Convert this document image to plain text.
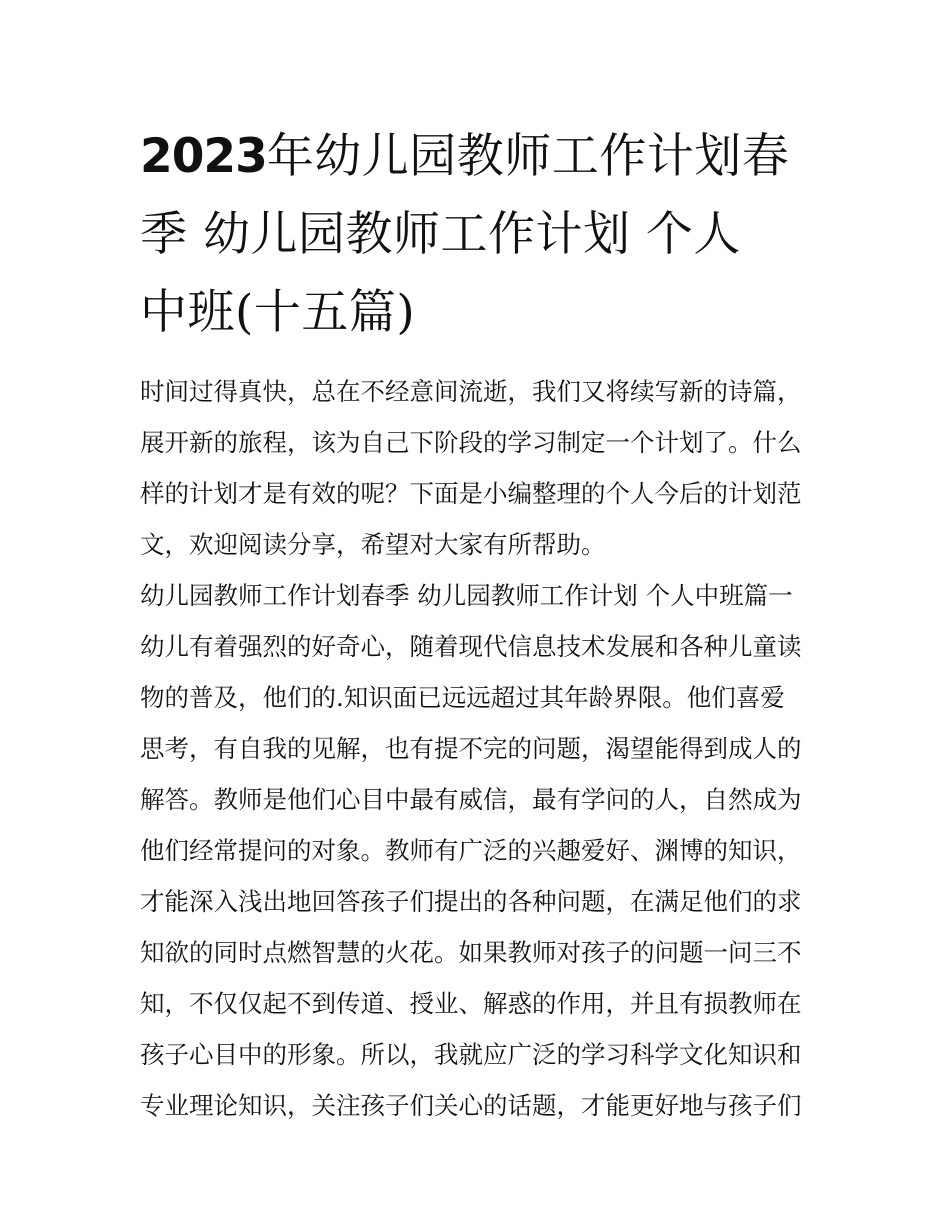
2023年幼儿园教师工作计划春
季 幼儿园教师工作计划 个人
中班(十五篇)
时间过得真快，总在不经意间流逝，我们又将续写新的诗篇，
展开新的旅程，该为自己下阶段的学习制定一个计划了。什么
样的计划才是有效的呢？下面是小编整理的个人今后的计划范
文，欢迎阅读分享，希望对大家有所帮助。
幼儿园教师工作计划春季 幼儿园教师工作计划 个人中班篇一
幼儿有着强烈的好奇心，随着现代信息技术发展和各种儿童读
物的普及，他们的.知识面已远远超过其年龄界限。他们喜爱
思考，有自我的见解，也有提不完的问题，渴望能得到成人的
解答。教师是他们心目中最有威信，最有学问的人，自然成为
他们经常提问的对象。教师有广泛的兴趣爱好、渊博的知识，
才能深入浅出地回答孩子们提出的各种问题，在满足他们的求
知欲的同时点燃智慧的火花。如果教师对孩子的问题一问三不
知，不仅仅起不到传道、授业、解惑的作用，并且有损教师在
孩子心目中的形象。所以，我就应广泛的学习科学文化知识和
专业理论知识，关注孩子们关心的话题，才能更好地与孩子们
